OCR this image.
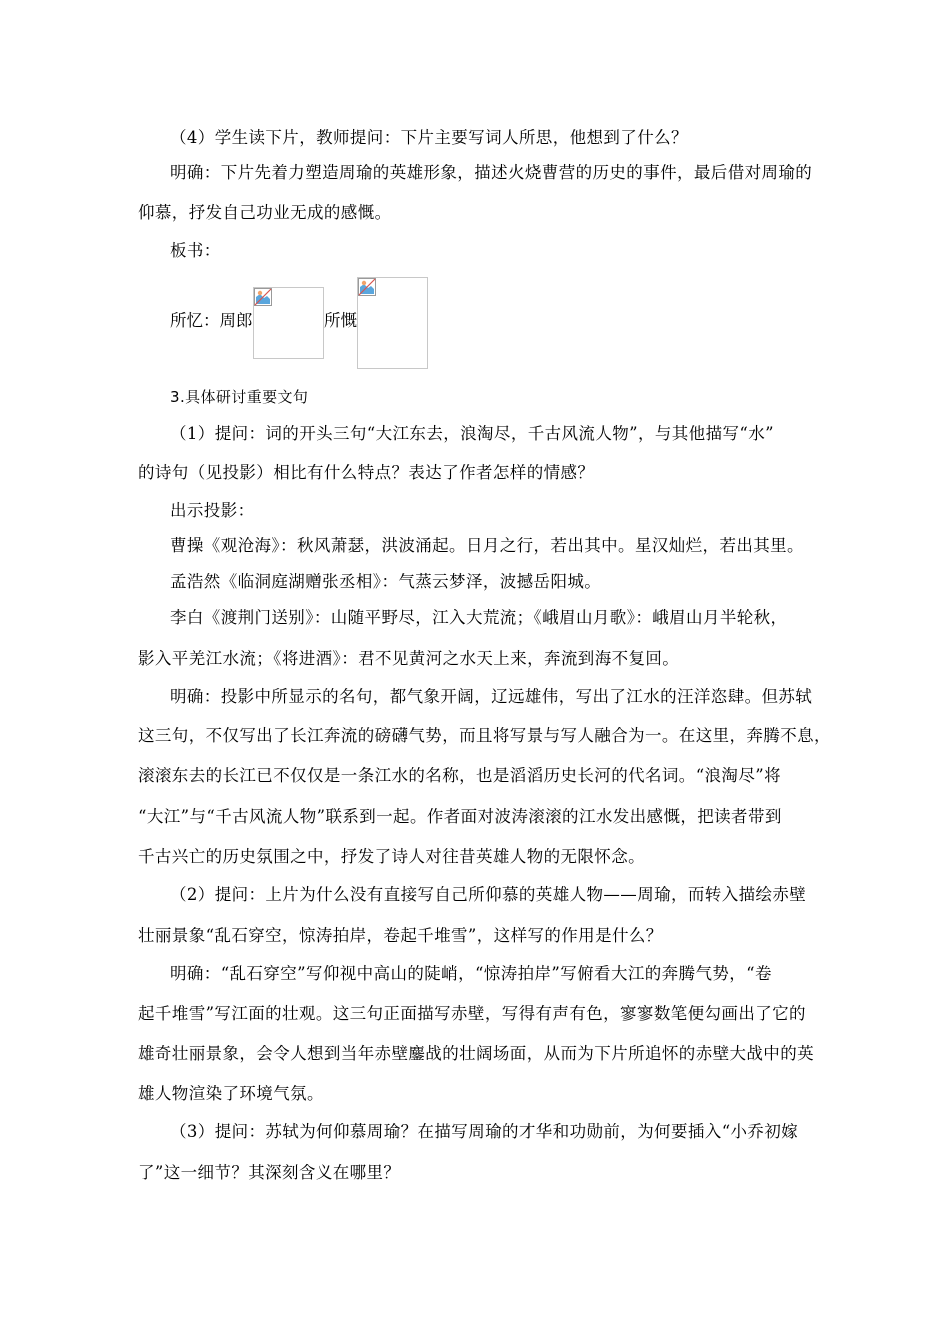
（4）学生读下片，教师提问：下片主要写词人所思，他想到了什么？
明确：下片先着力塑造周瑜的英雄形象，描述火烧曹营的历史的事件，最后借对周瑜的
仰慕，抒发自己功业无成的感慨。
板书：
所忆：周郎	所慨
3.具体研讨重要文句
（1）提问：词的开头三句“大江东去，浪淘尽，千古风流人物”，与其他描写“水”
的诗句（见投影）相比有什么特点？表达了作者怎样的情感？
出示投影：
曹操《观沧海》：秋风萧瑟，洪波涌起。日月之行，若出其中。星汉灿烂，若出其里。
孟浩然《临洞庭湖赠张丞相》：气蒸云梦泽，波撼岳阳城。
李白《渡荆门送别》：山随平野尽，江入大荒流；《峨眉山月歌》：峨眉山月半轮秋，
影入平羌江水流；《将进酒》：君不见黄河之水天上来，奔流到海不复回。
明确：投影中所显示的名句，都气象开阔，辽远雄伟，写出了江水的汪洋恣肆。但苏轼
这三句，不仅写出了长江奔流的磅礴气势，而且将写景与写人融合为一。在这里，奔腾不息，
滚滚东去的长江已不仅仅是一条江水的名称，也是滔滔历史长河的代名词。“浪淘尽”将
“大江”与“千古风流人物”联系到一起。作者面对波涛滚滚的江水发出感慨，把读者带到
千古兴亡的历史氛围之中，抒发了诗人对往昔英雄人物的无限怀念。
（2）提问：上片为什么没有直接写自己所仰慕的英雄人物——周瑜，而转入描绘赤壁
壮丽景象“乱石穿空，惊涛拍岸，卷起千堆雪”，这样写的作用是什么？
明确：“乱石穿空”写仰视中高山的陡峭，“惊涛拍岸”写俯看大江的奔腾气势，“卷
起千堆雪”写江面的壮观。这三句正面描写赤壁，写得有声有色，寥寥数笔便勾画出了它的
雄奇壮丽景象，会令人想到当年赤壁鏖战的壮阔场面，从而为下片所追怀的赤壁大战中的英
雄人物渲染了环境气氛。
（3）提问：苏轼为何仰慕周瑜？在描写周瑜的才华和功勋前，为何要插入“小乔初嫁
了”这一细节？其深刻含义在哪里？
